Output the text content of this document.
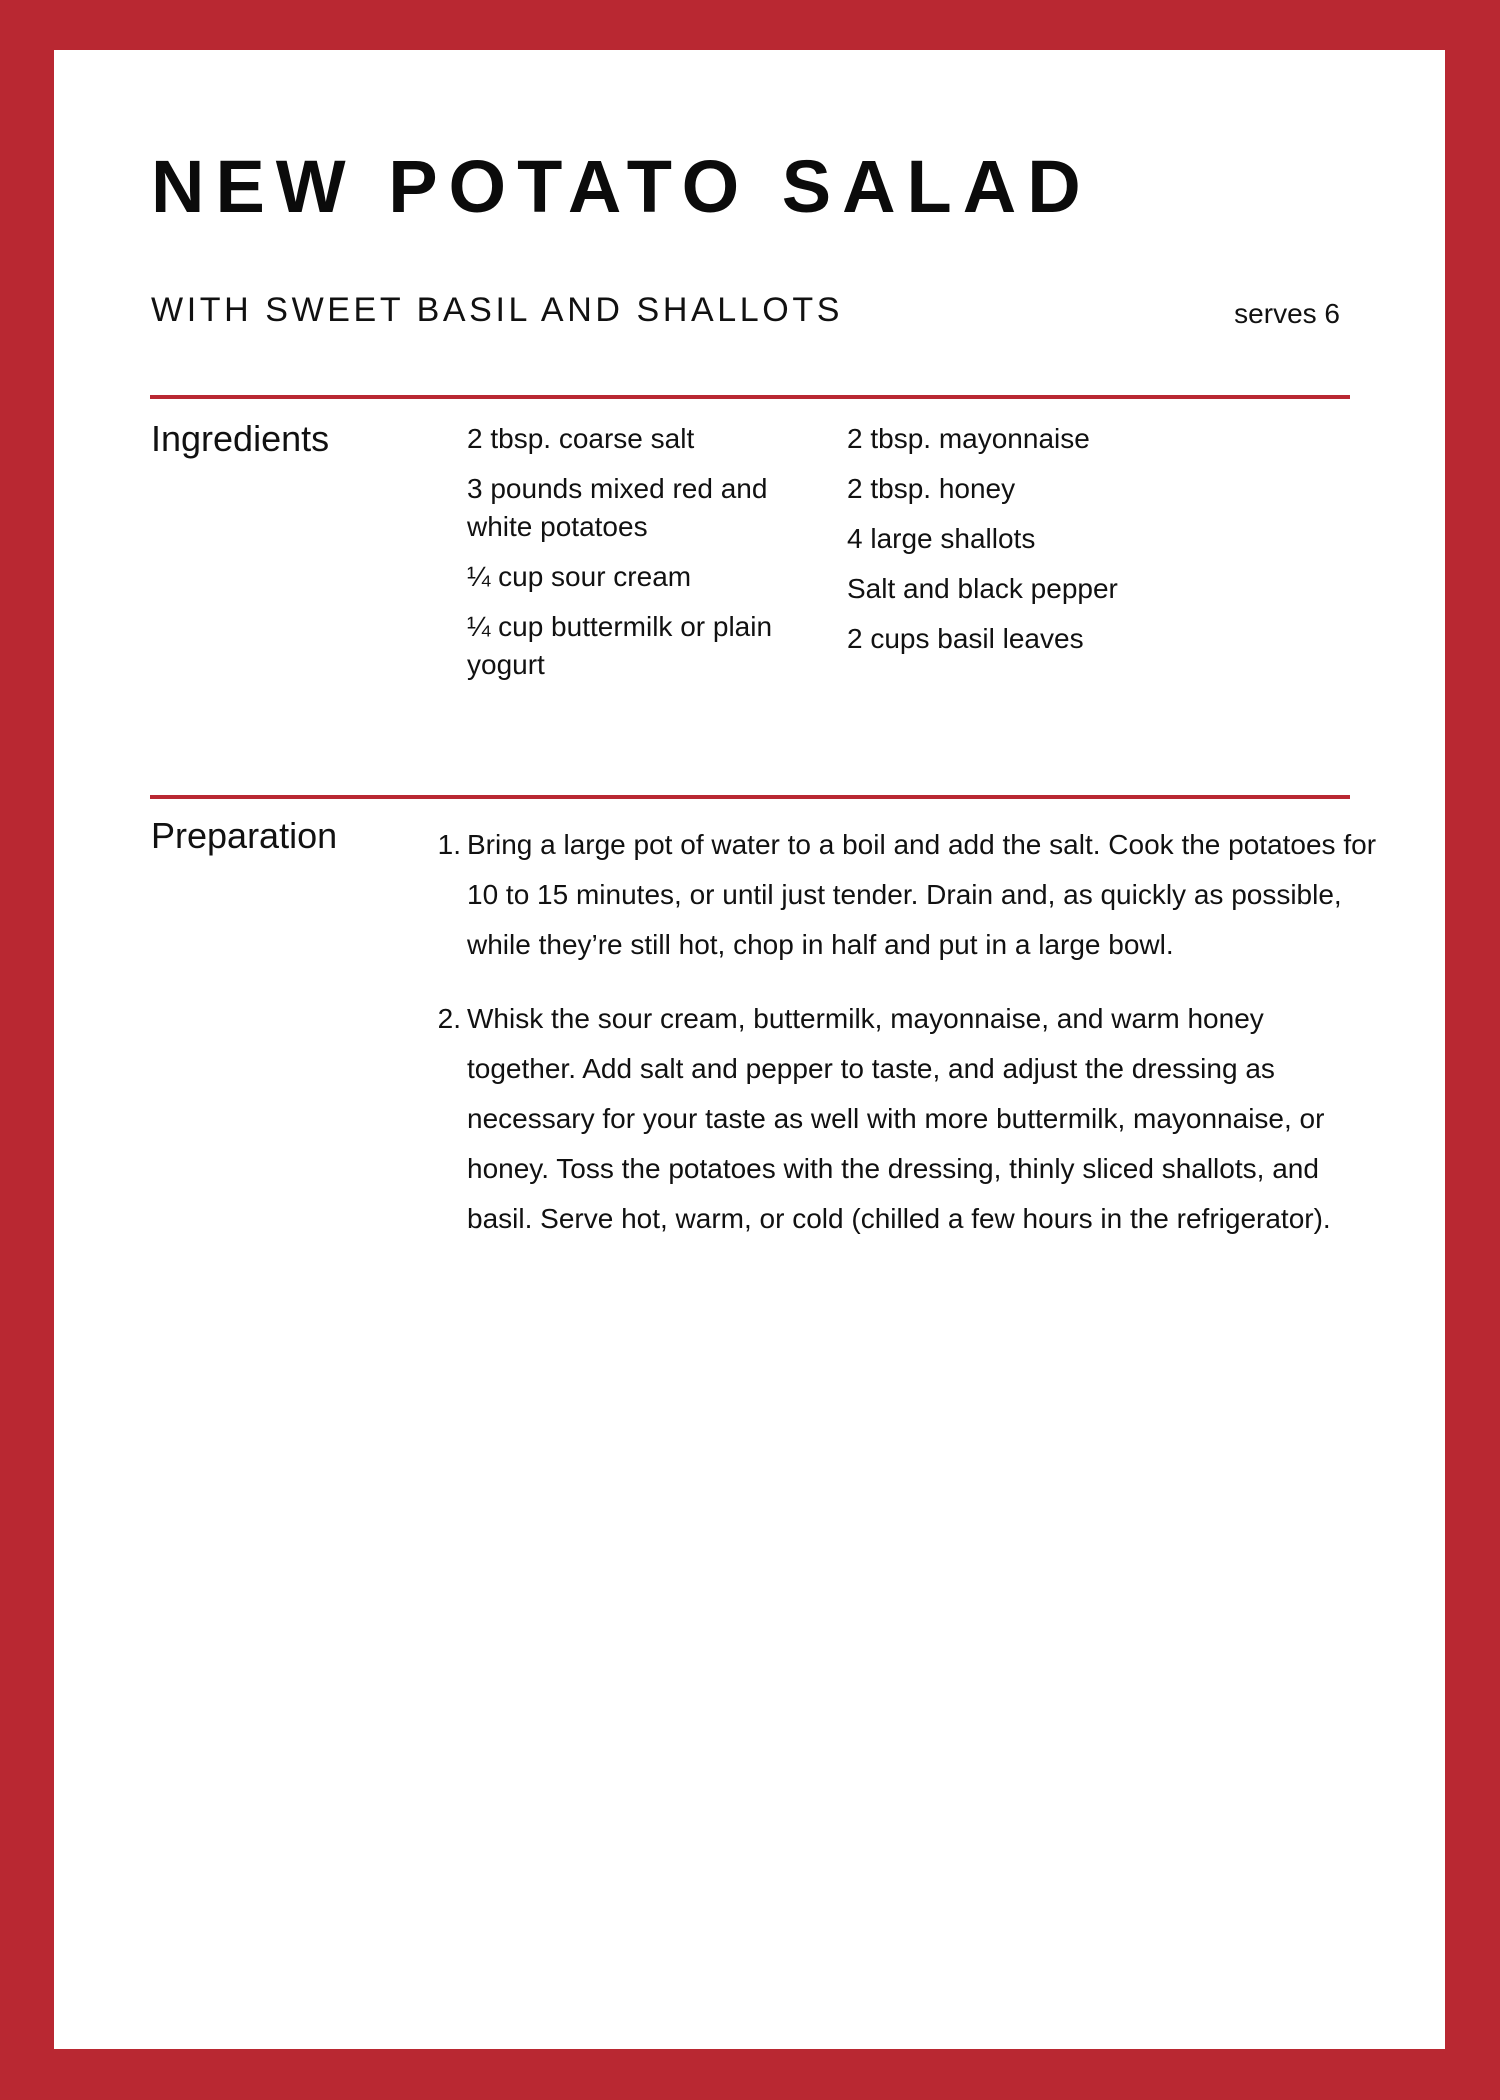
NEW POTATO SALAD
WITH SWEET BASIL AND SHALLOTS	serves 6
Ingredients	2 tbsp. coarse salt
3 pounds mixed red and white potatoes
¼ cup sour cream
¼ cup buttermilk or plain yogurt
2 tbsp. mayonnaise
2 tbsp. honey
4 large shallots
Salt and black pepper
2 cups basil leaves
Preparation	1. Bring a large pot of water to a boil and add the salt. Cook the potatoes for 10 to 15 minutes, or until just tender. Drain and, as quickly as possible, while they’re still hot, chop in half and put in a large bowl.
2. Whisk the sour cream, buttermilk, mayonnaise, and warm honey together. Add salt and pepper to taste, and adjust the dressing as necessary for your taste as well with more buttermilk, mayonnaise, or honey. Toss the potatoes with the dressing, thinly sliced shallots, and basil. Serve hot, warm, or cold (chilled a few hours in the refrigerator).
